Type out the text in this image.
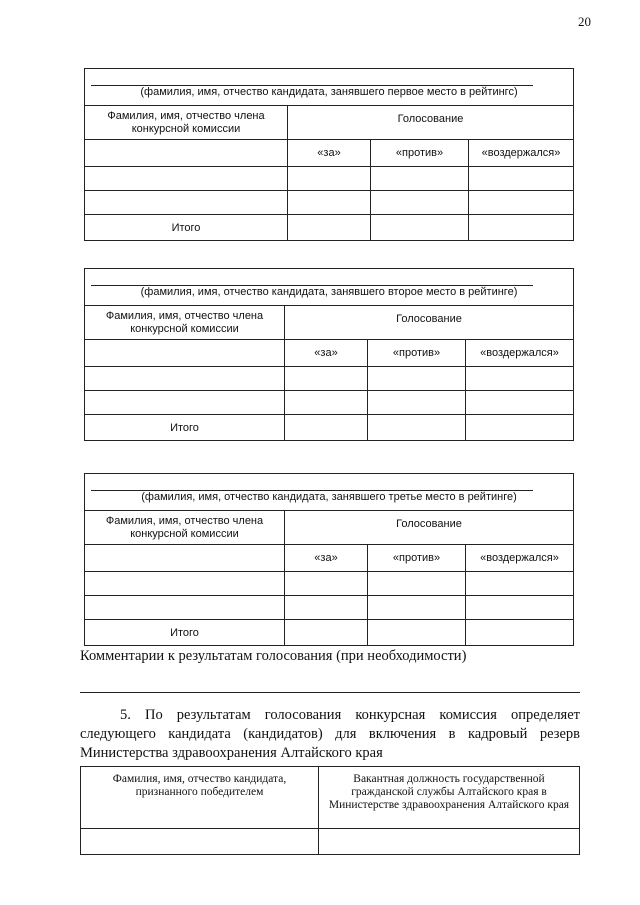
20
(фамилия, имя, отчество кандидата, занявшего первое место в рейтингс)
Фамилия, имя, отчество члена конкурсной комиссии	Голосование		
	«за»	«против»	«воздержался»

Итого			
(фамилия, имя, отчество кандидата, занявшего второе место в рейтинге)
Фамилия, имя, отчество члена конкурсной комиссии	Голосование		
	«за»	«против»	«воздержался»

Итого			
(фамилия, имя, отчество кандидата, занявшего третье место в рейтинге)
Фамилия, имя, отчество члена конкурсной комиссии	Голосование		
	«за»	«против»	«воздержался»

Итого			
Комментарии к результатам голосования (при необходимости)
5. По результатам голосования конкурсная комиссия определяет следующего кандидата (кандидатов) для включения в кадровый резерв Министерства здравоохранения Алтайского края
Фамилия, имя, отчество кандидата, признанного победителем	Вакантная должность государственной гражданской службы Алтайского края в Министерстве здравоохранения Алтайского края
